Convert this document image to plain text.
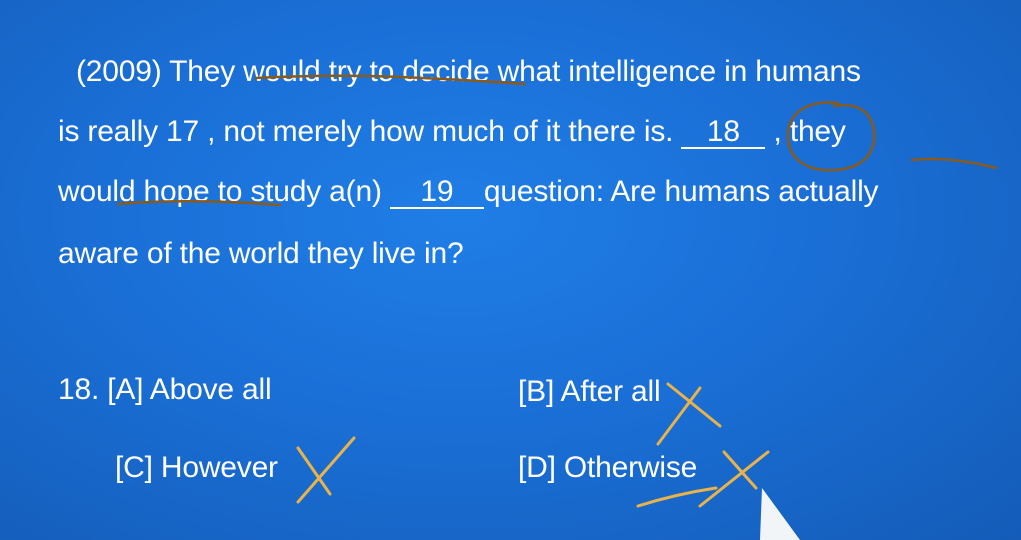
(2009) They would try to decide what intelligence in humans
is really 17 , not merely how much of it there is. 18 , they
would hope to study a(n) 19 question: Are humans actually
aware of the world they live in?
18. [A] Above all	[B] After all
[C] However	[D] Otherwise
